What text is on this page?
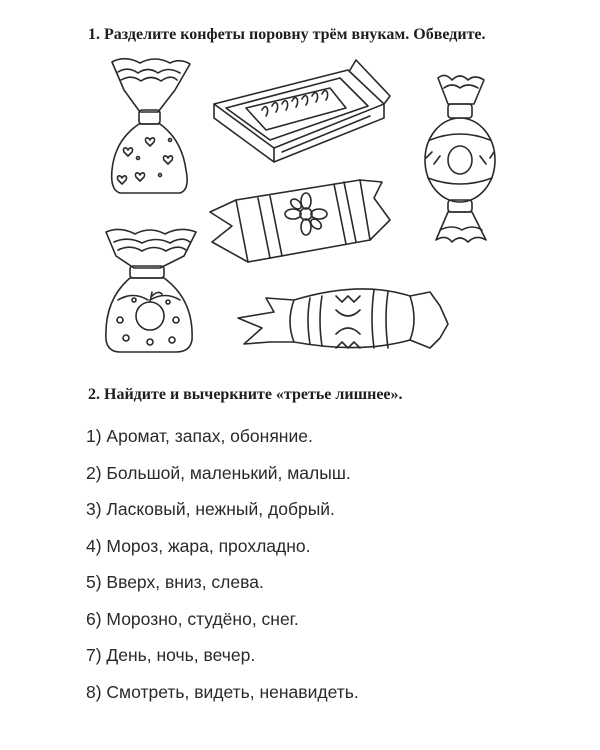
1. Разделите конфеты поровну трём внукам. Обведите.
2. Найдите и вычеркните «третье лишнее».
1) Аромат, запах, обоняние.
2) Большой, маленький, малыш.
3) Ласковый, нежный, добрый.
4) Мороз, жара, прохладно.
5) Вверх, вниз, слева.
6) Морозно, студёно, снег.
7) День, ночь, вечер.
8) Смотреть, видеть, ненавидеть.
